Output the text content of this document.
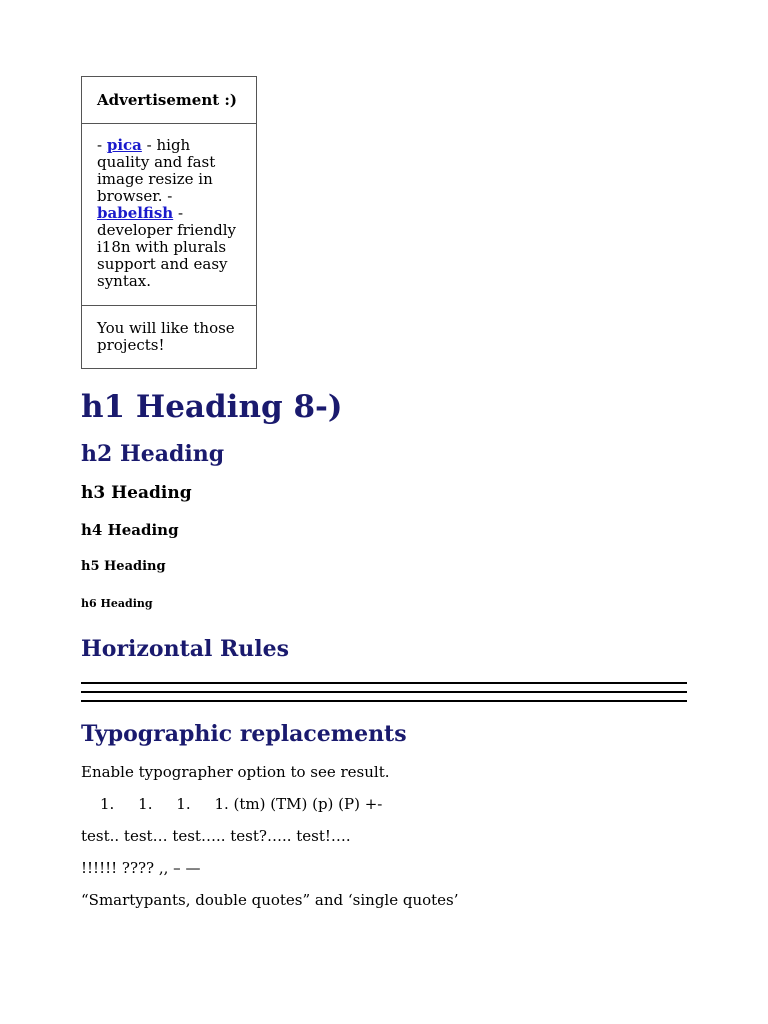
Advertisement :)
- pica - high quality and fast image resize in browser. - babelfish - developer friendly i18n with plurals support and easy syntax.
You will like those projects!
h1 Heading 8-)
h2 Heading
h3 Heading
h4 Heading
h5 Heading
h6 Heading
Horizontal Rules
Typographic replacements
Enable typographer option to see result.
1.     1.     1.     1. (tm) (TM) (p) (P) +-
test.. test… test….. test?….. test!….
!!!!!! ???? ,, – —
“Smartypants, double quotes” and ‘single quotes’
